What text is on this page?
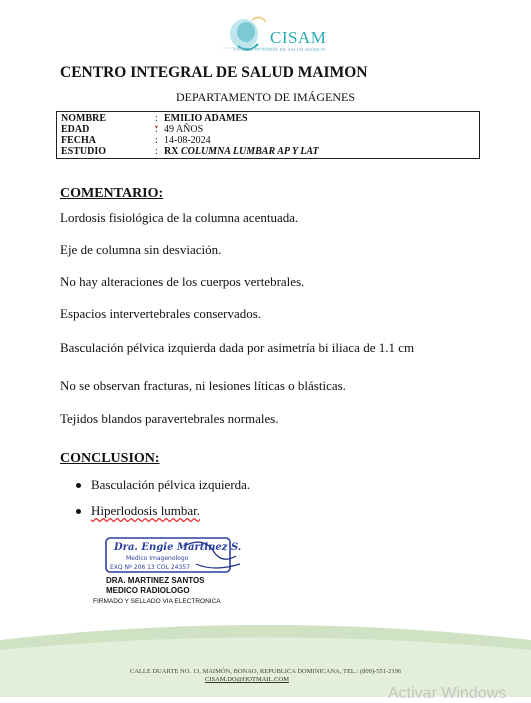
CISAM
CENTRO INTEGRAL DE SALUD MAIMON
CENTRO INTEGRAL DE SALUD MAIMON
DEPARTAMENTO DE IMÁGENES
NOMBRE	: EMILIO ADAMES
EDAD	: 49 AÑOS
FECHA	: 14-08-2024
ESTUDIO	: RX COLUMNA LUMBAR AP Y LAT
COMENTARIO:
Lordosis fisiológica de la columna acentuada.
Eje de columna sin desviación.
No hay alteraciones de los cuerpos vertebrales.
Espacios intervertebrales conservados.
Basculación pélvica izquierda dada por asimetría bi iliaca de 1.1 cm
No se observan fracturas, ni lesiones líticas o blásticas.
Tejidos blandos paravertebrales normales.
CONCLUSION:
Basculación pélvica izquierda.
Hiperlodosis lumbar.
Dra. Engie Martinez S.
Medico Imagenologo
EXQ Nº 206 13 COL 24357
DRA. MARTINEZ SANTOS
MEDICO RADIOLOGO
FIRMADO Y SELLADO VIA ELECTRONICA
CALLE DUARTE NO. 13, MAIMÓN, BONAO, REPUBLICA DOMINICANA, TEL.: (809)-551-2196
CISAM.DO@HOTMAIL.COM
Activar Windows
